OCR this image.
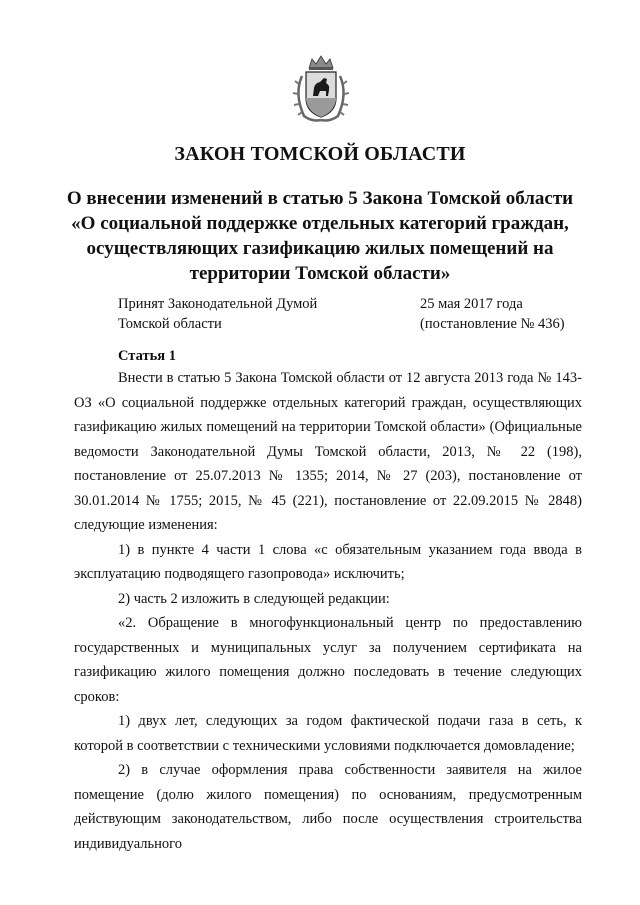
ЗАКОН ТОМСКОЙ ОБЛАСТИ
О внесении изменений в статью 5 Закона Томской области «О социальной поддержке отдельных категорий граждан, осуществляющих газификацию жилых помещений на территории Томской области»
Принят Законодательной Думой
Томской области
25 мая 2017 года
(постановление № 436)
Статья 1

Внести в статью 5 Закона Томской области от 12 августа 2013 года № 143-ОЗ «О социальной поддержке отдельных категорий граждан, осуществляющих газификацию жилых помещений на территории Томской области» (Официальные ведомости Законодательной Думы Томской области, 2013, № 22 (198), постановление от 25.07.2013 № 1355; 2014, № 27 (203), постановление от 30.01.2014 № 1755; 2015, № 45 (221), постановление от 22.09.2015 № 2848) следующие изменения:

1) в пункте 4 части 1 слова «с обязательным указанием года ввода в эксплуатацию подводящего газопровода» исключить;

2) часть 2 изложить в следующей редакции:

«2. Обращение в многофункциональный центр по предоставлению государственных и муниципальных услуг за получением сертификата на газификацию жилого помещения должно последовать в течение следующих сроков:

1) двух лет, следующих за годом фактической подачи газа в сеть, к которой в соответствии с техническими условиями подключается домовладение;

2) в случае оформления права собственности заявителя на жилое помещение (долю жилого помещения) по основаниям, предусмотренным действующим законодательством, либо после осуществления строительства индивидуального
